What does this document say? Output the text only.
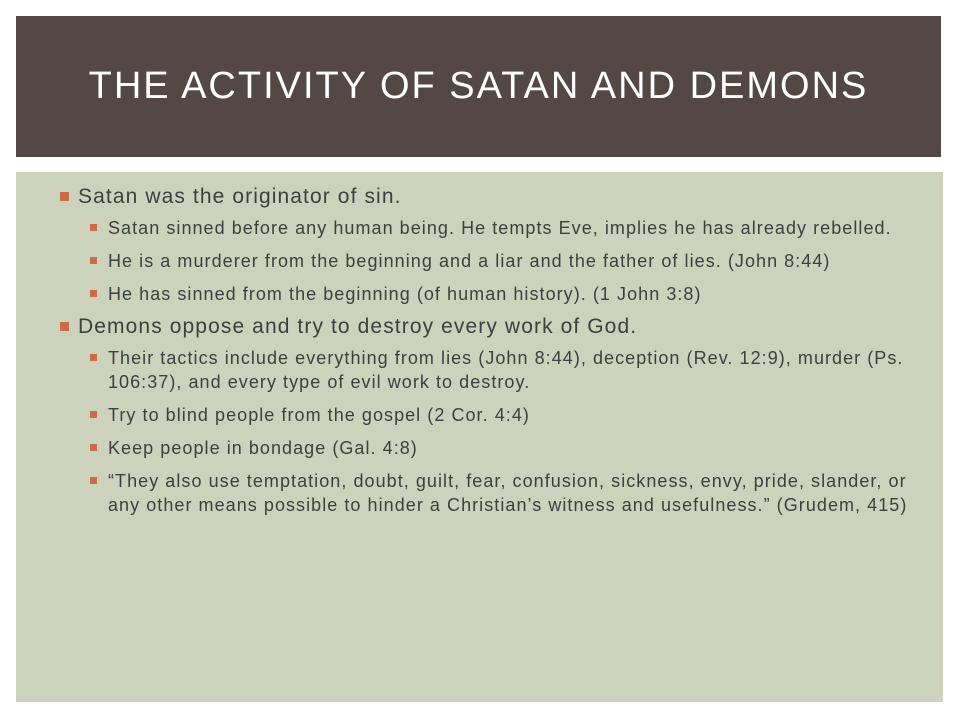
THE ACTIVITY OF SATAN AND DEMONS
Satan was the originator of sin.
Satan sinned before any human being. He tempts Eve, implies he has already rebelled.
He is a murderer from the beginning and a liar and the father of lies. (John 8:44)
He has sinned from the beginning (of human history). (1 John 3:8)
Demons oppose and try to destroy every work of God.
Their tactics include everything from lies (John 8:44), deception (Rev. 12:9), murder (Ps. 106:37), and every type of evil work to destroy.
Try to blind people from the gospel (2 Cor. 4:4)
Keep people in bondage (Gal. 4:8)
“They also use temptation, doubt, guilt, fear, confusion, sickness, envy, pride, slander, or any other means possible to hinder a Christian’s witness and usefulness.” (Grudem, 415)
